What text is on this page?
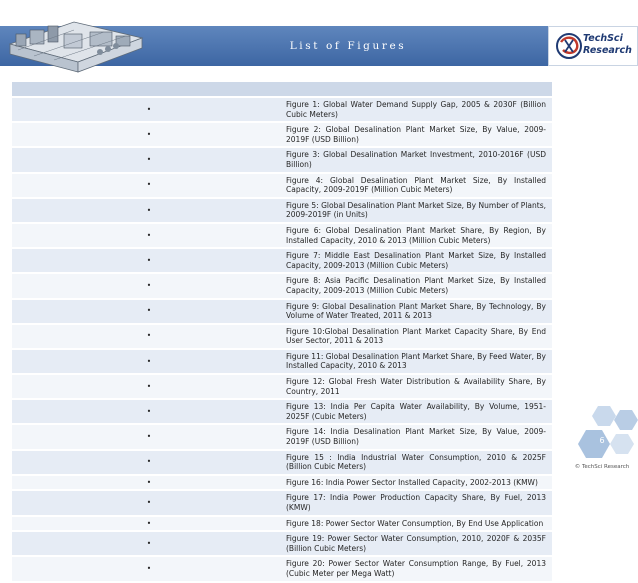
List of Figures
TechSci
Research

•	Figure 1: Global Water Demand Supply Gap, 2005 & 2030F (Billion Cubic Meters)
•	Figure 2: Global Desalination Plant Market Size, By Value, 2009-2019F (USD Billion)
•	Figure 3: Global Desalination Market Investment, 2010-2016F (USD Billion)
•	Figure 4: Global Desalination Plant Market Size, By Installed Capacity, 2009-2019F (Million Cubic Meters)
•	Figure 5: Global Desalination Plant Market Size, By Number of Plants, 2009-2019F (in Units)
•	Figure 6: Global Desalination Plant Market Share, By Region, By Installed Capacity, 2010 & 2013 (Million Cubic Meters)
•	Figure 7: Middle East Desalination Plant Market Size, By Installed Capacity, 2009-2013 (Million Cubic Meters)
•	Figure 8: Asia Pacific Desalination Plant Market Size, By Installed Capacity, 2009-2013 (Million Cubic Meters)
•	Figure 9: Global Desalination Plant Market Share, By Technology, By Volume of Water Treated, 2011 & 2013
•	Figure 10:Global Desalination Plant Market Capacity Share, By End User Sector, 2011 & 2013
•	Figure 11: Global Desalination Plant Market Share, By Feed Water, By Installed Capacity, 2010 & 2013
•	Figure 12: Global Fresh Water Distribution & Availability Share, By Country, 2011
•	Figure 13: India Per Capita Water Availability, By Volume, 1951-2025F (Cubic Meters)
•	Figure 14: India Desalination Plant Market Size, By Value, 2009-2019F (USD Billion)
•	Figure 15 : India Industrial Water Consumption, 2010 & 2025F (Billion Cubic Meters)
•	Figure 16: India Power Sector Installed Capacity, 2002-2013 (KMW)
•	Figure 17: India Power Production Capacity Share, By Fuel, 2013 (KMW)
•	Figure 18: Power Sector Water Consumption, By End Use Application
•	Figure 19: Power Sector Water Consumption, 2010, 2020F & 2035F (Billion Cubic Meters)
•	Figure 20: Power Sector Water Consumption Range, By Fuel, 2013 (Cubic Meter per Mega Watt)
6
© TechSci Research
